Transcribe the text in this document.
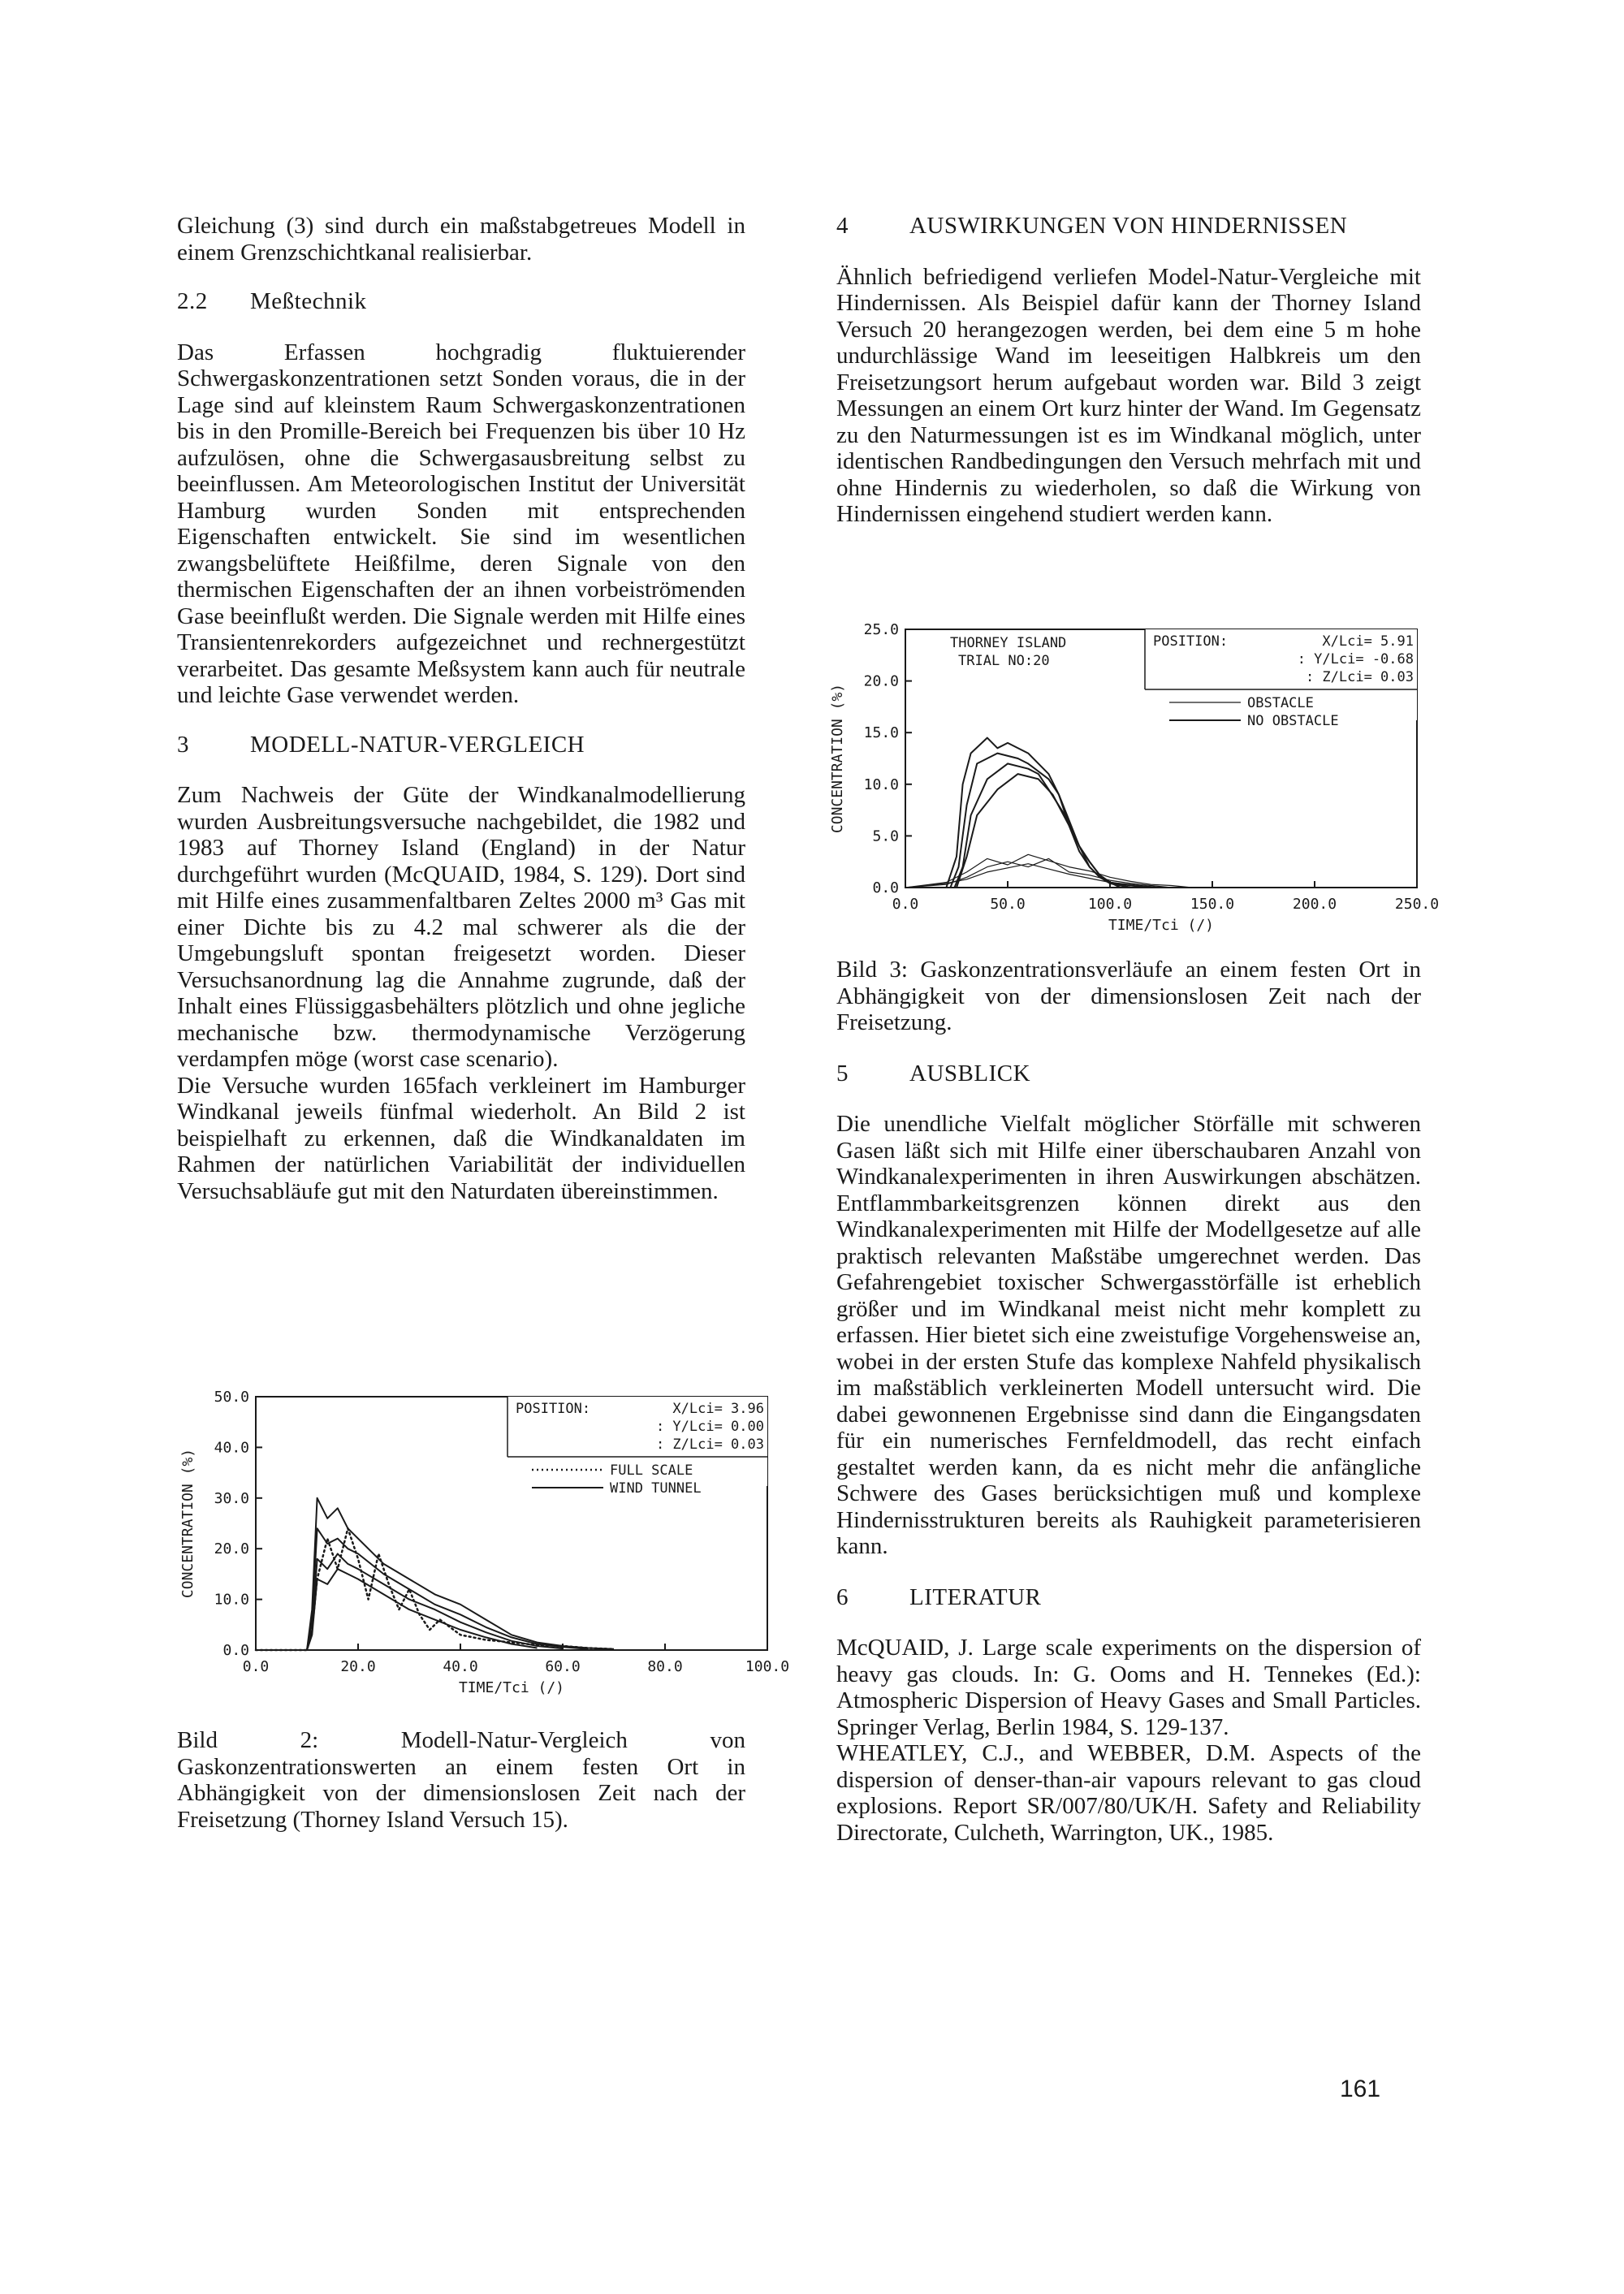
Gleichung (3) sind durch ein maßstabgetreues Modell in einem Grenzschichtkanal realisierbar.

2.2	Meßtechnik

Das Erfassen hochgradig fluktuierender Schwergaskonzentrationen setzt Sonden voraus, die in der Lage sind auf kleinstem Raum Schwergaskonzentrationen bis in den Promille-Bereich bei Frequenzen bis über 10 Hz aufzulösen, ohne die Schwergasausbreitung selbst zu beeinflussen. Am Meteorologischen Institut der Universität Hamburg wurden Sonden mit entsprechenden Eigenschaften entwickelt. Sie sind im wesentlichen zwangsbelüftete Heißfilme, deren Signale von den thermischen Eigenschaften der an ihnen vorbeiströmenden Gase beeinflußt werden. Die Signale werden mit Hilfe eines Transientenrekorders aufgezeichnet und rechnergestützt verarbeitet. Das gesamte Meßsystem kann auch für neutrale und leichte Gase verwendet werden.

3	MODELL-NATUR-VERGLEICH

Zum Nachweis der Güte der Windkanalmodellierung wurden Ausbreitungsversuche nachgebildet, die 1982 und 1983 auf Thorney Island (England) in der Natur durchgeführt wurden (McQUAID, 1984, S. 129). Dort sind mit Hilfe eines zusammenfaltbaren Zeltes 2000 m³ Gas mit einer Dichte bis zu 4.2 mal schwerer als die der Umgebungsluft spontan freigesetzt worden. Dieser Versuchsanordnung lag die Annahme zugrunde, daß der Inhalt eines Flüssiggasbehälters plötzlich und ohne jegliche mechanische bzw. thermodynamische Verzögerung verdampfen möge (worst case scenario).

Die Versuche wurden 165fach verkleinert im Hamburger Windkanal jeweils fünfmal wiederholt. An Bild 2 ist beispielhaft zu erkennen, daß die Windkanaldaten im Rahmen der natürlichen Variabilität der individuellen Versuchsabläufe gut mit den Naturdaten übereinstimmen.

0.0
10.0
20.0
30.0
40.0
50.0
0.0	20.0	40.0	60.0	80.0	100.0
TIME/Tci (/)
CONCENTRATION (%)
POSITION:	X/Lci= 3.96
: Y/Lci= 0.00
: Z/Lci= 0.03
FULL SCALE
WIND TUNNEL

Bild 2: Modell-Natur-Vergleich von Gaskonzentrationswerten an einem festen Ort in Abhängigkeit von der dimensionslosen Zeit nach der Freisetzung (Thorney Island Versuch 15).

4	AUSWIRKUNGEN VON HINDERNISSEN

Ähnlich befriedigend verliefen Model-Natur-Vergleiche mit Hindernissen. Als Beispiel dafür kann der Thorney Island Versuch 20 herangezogen werden, bei dem eine 5 m hohe undurchlässige Wand im leeseitigen Halbkreis um den Freisetzungsort herum aufgebaut worden war. Bild 3 zeigt Messungen an einem Ort kurz hinter der Wand. Im Gegensatz zu den Naturmessungen ist es im Windkanal möglich, unter identischen Randbedingungen den Versuch mehrfach mit und ohne Hindernis zu wiederholen, so daß die Wirkung von Hindernissen eingehend studiert werden kann.

0.0
5.0
10.0
15.0
20.0
25.0
0.0	50.0	100.0	150.0	200.0	250.0
TIME/Tci (/)
CONCENTRATION (%)
POSITION:	X/Lci= 5.91
: Y/Lci= -0.68
: Z/Lci= 0.03
OBSTACLE
NO OBSTACLE
THORNEY ISLAND
TRIAL NO:20

Bild 3: Gaskonzentrationsverläufe an einem festen Ort in Abhängigkeit von der dimensionslosen Zeit nach der Freisetzung.

5	AUSBLICK

Die unendliche Vielfalt möglicher Störfälle mit schweren Gasen läßt sich mit Hilfe einer überschaubaren Anzahl von Windkanalexperimenten in ihren Auswirkungen abschätzen. Entflammbarkeitsgrenzen können direkt aus den Windkanalexperimenten mit Hilfe der Modellgesetze auf alle praktisch relevanten Maßstäbe umgerechnet werden. Das Gefahrengebiet toxischer Schwergasstörfälle ist erheblich größer und im Windkanal meist nicht mehr komplett zu erfassen. Hier bietet sich eine zweistufige Vorgehensweise an, wobei in der ersten Stufe das komplexe Nahfeld physikalisch im maßstäblich verkleinerten Modell untersucht wird. Die dabei gewonnenen Ergebnisse sind dann die Eingangsdaten für ein numerisches Fernfeldmodell, das recht einfach gestaltet werden kann, da es nicht mehr die anfängliche Schwere des Gases berücksichtigen muß und komplexe Hindernisstrukturen bereits als Rauhigkeit parameterisieren kann.

6	LITERATUR

McQUAID, J. Large scale experiments on the dispersion of heavy gas clouds. In: G. Ooms and H. Tennekes (Ed.): Atmospheric Dispersion of Heavy Gases and Small Particles. Springer Verlag, Berlin 1984, S. 129-137.

WHEATLEY, C.J., and WEBBER, D.M. Aspects of the dispersion of denser-than-air vapours relevant to gas cloud explosions. Report SR/007/80/UK/H. Safety and Reliability Directorate, Culcheth, Warrington, UK., 1985.

161
